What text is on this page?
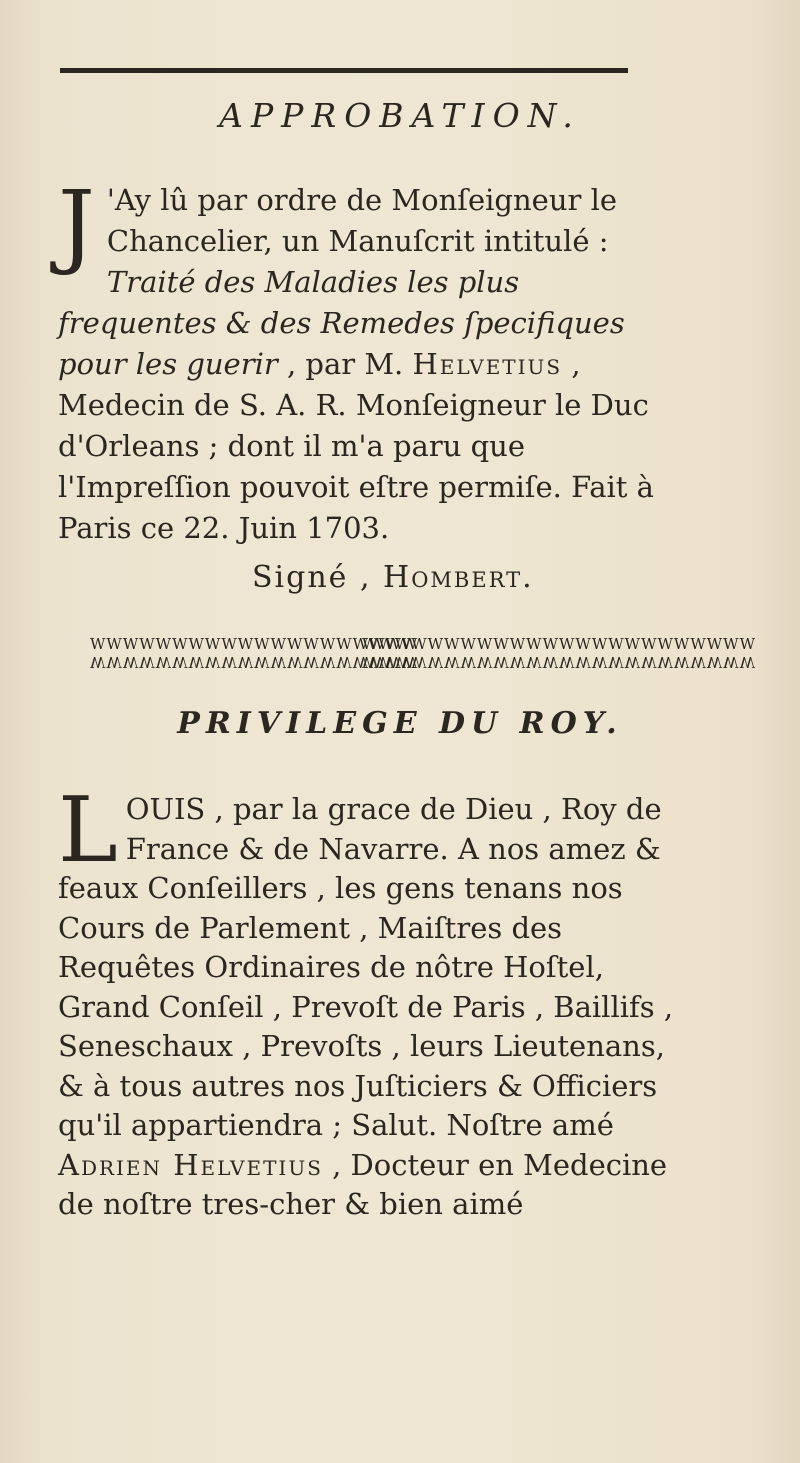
APPROBATION.
J 'Ay lû par ordre de Monſeigneur le Chancelier, un Manuſcrit intitulé : Traité des Maladies les plus frequentes & des Remedes ſpecifiques pour les guerir , par M. Helvetius , Medecin de S. A. R. Monſeigneur le Duc d'Orleans ; dont il m'a paru que l'Impreſſion pouvoit eſtre permiſe. Fait à Paris ce 22. Juin 1703.
Signé , Hombert.
WWWWWWWWWWWWWWWWWWWW
WWWWWWWWWWWWWWWWWWWW
WWWWWWWWWWWWWWWWWWWWWWWW
WWWWWWWWWWWWWWWWWWWWWWWW
PRIVILEGE DU ROY.
LOUIS , par la grace de Dieu , Roy de France & de Navarre. A nos amez & feaux Conſeillers , les gens tenans nos Cours de Parlement , Maiſtres des Requêtes Ordinaires de nôtre Hoſtel, Grand Conſeil , Prevoſt de Paris , Baillifs , Seneschaux , Prevoſts , leurs Lieutenans, & à tous autres nos Juſticiers & Officiers qu'il appartiendra ; Salut. Noſtre amé Adrien Helvetius , Docteur en Medecine de noſtre tres-cher & bien aimé
